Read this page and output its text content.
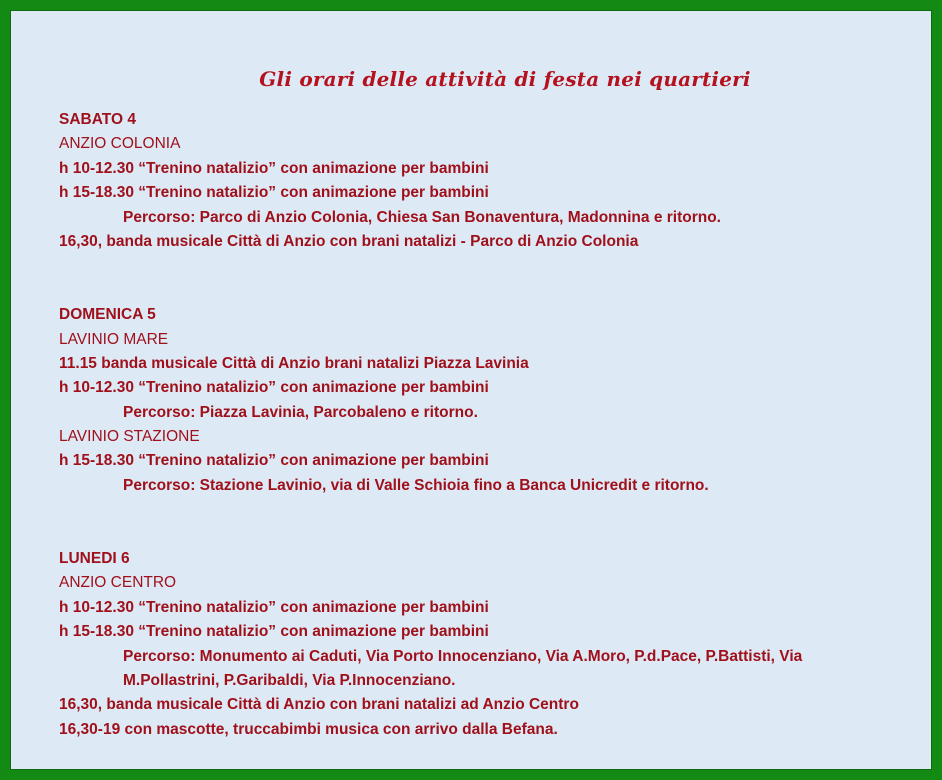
Gli orari delle attività di festa nei quartieri
SABATO 4
ANZIO COLONIA
h 10-12.30 “Trenino natalizio” con animazione per bambini
h 15-18.30 “Trenino natalizio” con animazione per bambini
Percorso: Parco di Anzio Colonia, Chiesa San Bonaventura, Madonnina e ritorno.
16,30, banda musicale Città di Anzio con brani natalizi - Parco di Anzio Colonia
DOMENICA 5
LAVINIO MARE
11.15 banda musicale Città di Anzio brani natalizi Piazza Lavinia
h 10-12.30 “Trenino natalizio” con animazione per bambini
Percorso: Piazza Lavinia, Parcobaleno e ritorno.
LAVINIO STAZIONE
h 15-18.30 “Trenino natalizio” con animazione per bambini
Percorso: Stazione Lavinio, via di Valle Schioia fino a Banca Unicredit e ritorno.
LUNEDI 6
ANZIO CENTRO
h 10-12.30 “Trenino natalizio” con animazione per bambini
h 15-18.30 “Trenino natalizio” con animazione per bambini
Percorso: Monumento ai Caduti, Via Porto Innocenziano, Via A.Moro, P.d.Pace, P.Battisti, Via
M.Pollastrini, P.Garibaldi, Via P.Innocenziano.
16,30, banda musicale Città di Anzio con brani natalizi ad Anzio Centro
16,30-19 con mascotte, truccabimbi musica con arrivo dalla Befana.
